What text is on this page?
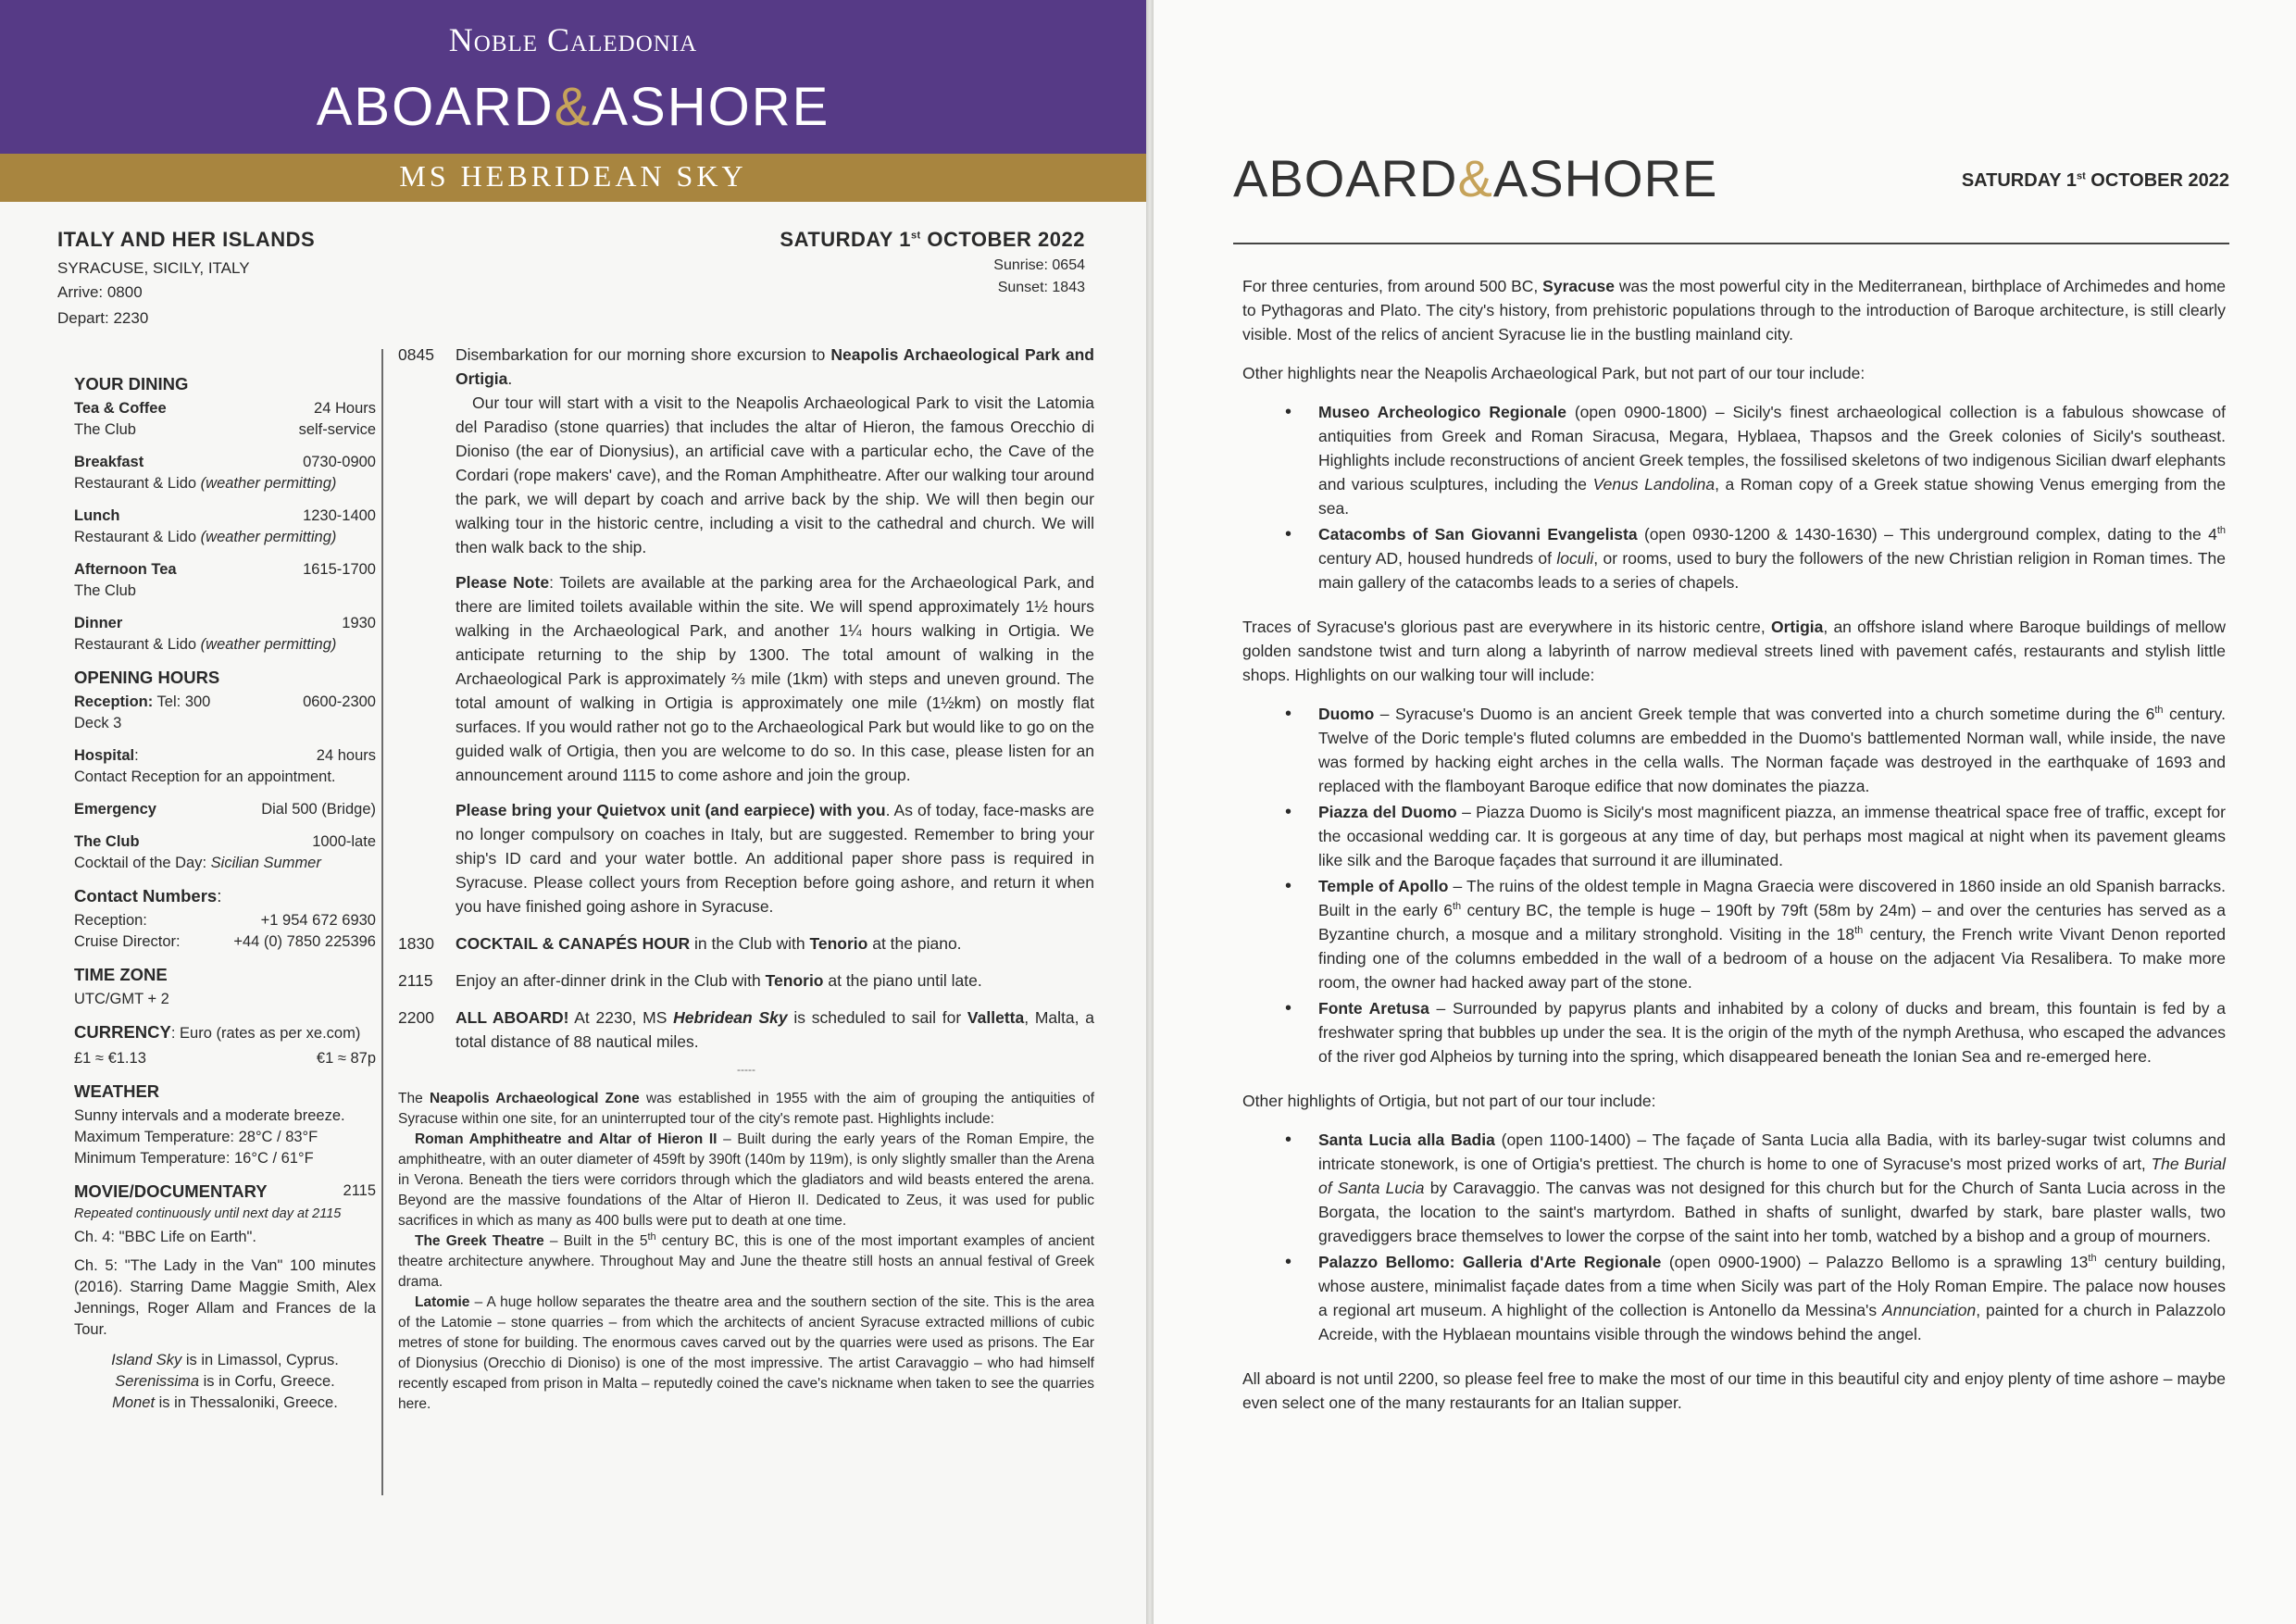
Noble Caledonia
ABOARD&ASHORE
MS HEBRIDEAN SKY
ITALY AND HER ISLANDS
SYRACUSE, SICILY, ITALY
Arrive: 0800
Depart: 2230
SATURDAY 1st OCTOBER 2022
Sunrise: 0654
Sunset: 1843
YOUR DINING
Tea & Coffee	24 Hours
The Club	self-service
Breakfast	0730-0900
Restaurant & Lido (weather permitting)
Lunch	1230-1400
Restaurant & Lido (weather permitting)
Afternoon Tea	1615-1700
The Club
Dinner	1930
Restaurant & Lido (weather permitting)
OPENING HOURS
Reception: Tel: 300	0600-2300
Deck 3
Hospital:	24 hours
Contact Reception for an appointment.
Emergency	Dial 500 (Bridge)
The Club	1000-late
Cocktail of the Day: Sicilian Summer
Contact Numbers:
Reception:	+1 954 672 6930
Cruise Director:	+44 (0) 7850 225396
TIME ZONE
UTC/GMT + 2
CURRENCY: Euro (rates as per xe.com)
£1 ≈ €1.13	€1 ≈ 87p
WEATHER
Sunny intervals and a moderate breeze.
Maximum Temperature: 28°C / 83°F
Minimum Temperature: 16°C / 61°F
MOVIE/DOCUMENTARY	2115
Repeated continuously until next day at 2115
Ch. 4: "BBC Life on Earth".
Ch. 5: "The Lady in the Van" 100 minutes (2016). Starring Dame Maggie Smith, Alex Jennings, Roger Allam and Frances de la Tour.
Island Sky is in Limassol, Cyprus.
Serenissima is in Corfu, Greece.
Monet is in Thessaloniki, Greece.
0845	Disembarkation for our morning shore excursion to Neapolis Archaeological Park and Ortigia.

Our tour will start with a visit to the Neapolis Archaeological Park to visit the Latomia del Paradiso (stone quarries) that includes the altar of Hieron, the famous Orecchio di Dioniso (the ear of Dionysius), an artificial cave with a particular echo, the Cave of the Cordari (rope makers' cave), and the Roman Amphitheatre. After our walking tour around the park, we will depart by coach and arrive back by the ship. We will then begin our walking tour in the historic centre, including a visit to the cathedral and church. We will then walk back to the ship.

Please Note: Toilets are available at the parking area for the Archaeological Park, and there are limited toilets available within the site. We will spend approximately 1½ hours walking in the Archaeological Park, and another 1¼ hours walking in Ortigia. We anticipate returning to the ship by 1300. The total amount of walking in the Archaeological Park is approximately ⅔ mile (1km) with steps and uneven ground. The total amount of walking in Ortigia is approximately one mile (1½km) on mostly flat surfaces. If you would rather not go to the Archaeological Park but would like to go on the guided walk of Ortigia, then you are welcome to do so. In this case, please listen for an announcement around 1115 to come ashore and join the group.

Please bring your Quietvox unit (and earpiece) with you. As of today, face-masks are no longer compulsory on coaches in Italy, but are suggested. Remember to bring your ship's ID card and your water bottle. An additional paper shore pass is required in Syracuse. Please collect yours from Reception before going ashore, and return it when you have finished going ashore in Syracuse.

1830	COCKTAIL & CANAPÉS HOUR in the Club with Tenorio at the piano.
2115	Enjoy an after-dinner drink in the Club with Tenorio at the piano until late.
2200	ALL ABOARD! At 2230, MS Hebridean Sky is scheduled to sail for Valletta, Malta, a total distance of 88 nautical miles.
-----

The Neapolis Archaeological Zone was established in 1955 with the aim of grouping the antiquities of Syracuse within one site, for an uninterrupted tour of the city's remote past. Highlights include:

Roman Amphitheatre and Altar of Hieron II – Built during the early years of the Roman Empire, the amphitheatre, with an outer diameter of 459ft by 390ft (140m by 119m), is only slightly smaller than the Arena in Verona. Beneath the tiers were corridors through which the gladiators and wild beasts entered the arena. Beyond are the massive foundations of the Altar of Hieron II. Dedicated to Zeus, it was used for public sacrifices in which as many as 400 bulls were put to death at one time.

The Greek Theatre – Built in the 5th century BC, this is one of the most important examples of ancient theatre architecture anywhere. Throughout May and June the theatre still hosts an annual festival of Greek drama.

Latomie – A huge hollow separates the theatre area and the southern section of the site. This is the area of the Latomie – stone quarries – from which the architects of ancient Syracuse extracted millions of cubic metres of stone for building. The enormous caves carved out by the quarries were used as prisons. The Ear of Dionysius (Orecchio di Dioniso) is one of the most impressive. The artist Caravaggio – who had himself recently escaped from prison in Malta – reputedly coined the cave's nickname when taken to see the quarries here.

ABOARD&ASHORE	SATURDAY 1st OCTOBER 2022

For three centuries, from around 500 BC, Syracuse was the most powerful city in the Mediterranean, birthplace of Archimedes and home to Pythagoras and Plato. The city's history, from prehistoric populations through to the introduction of Baroque architecture, is still clearly visible. Most of the relics of ancient Syracuse lie in the bustling mainland city.

Other highlights near the Neapolis Archaeological Park, but not part of our tour include:

• Museo Archeologico Regionale (open 0900-1800) – Sicily's finest archaeological collection is a fabulous showcase of antiquities from Greek and Roman Siracusa, Megara, Hyblaea, Thapsos and the Greek colonies of Sicily's southeast. Highlights include reconstructions of ancient Greek temples, the fossilised skeletons of two indigenous Sicilian dwarf elephants and various sculptures, including the Venus Landolina, a Roman copy of a Greek statue showing Venus emerging from the sea.
• Catacombs of San Giovanni Evangelista (open 0930-1200 & 1430-1630) – This underground complex, dating to the 4th century AD, housed hundreds of loculi, or rooms, used to bury the followers of the new Christian religion in Roman times. The main gallery of the catacombs leads to a series of chapels.

Traces of Syracuse's glorious past are everywhere in its historic centre, Ortigia, an offshore island where Baroque buildings of mellow golden sandstone twist and turn along a labyrinth of narrow medieval streets lined with pavement cafés, restaurants and stylish little shops. Highlights on our walking tour will include:

• Duomo – Syracuse's Duomo is an ancient Greek temple that was converted into a church sometime during the 6th century. Twelve of the Doric temple's fluted columns are embedded in the Duomo's battlemented Norman wall, while inside, the nave was formed by hacking eight arches in the cella walls. The Norman façade was destroyed in the earthquake of 1693 and replaced with the flamboyant Baroque edifice that now dominates the piazza.
• Piazza del Duomo – Piazza Duomo is Sicily's most magnificent piazza, an immense theatrical space free of traffic, except for the occasional wedding car. It is gorgeous at any time of day, but perhaps most magical at night when its pavement gleams like silk and the Baroque façades that surround it are illuminated.
• Temple of Apollo – The ruins of the oldest temple in Magna Graecia were discovered in 1860 inside an old Spanish barracks. Built in the early 6th century BC, the temple is huge – 190ft by 79ft (58m by 24m) – and over the centuries has served as a Byzantine church, a mosque and a military stronghold. Visiting in the 18th century, the French write Vivant Denon reported finding one of the columns embedded in the wall of a bedroom of a house on the adjacent Via Resalibera. To make more room, the owner had hacked away part of the stone.
• Fonte Aretusa – Surrounded by papyrus plants and inhabited by a colony of ducks and bream, this fountain is fed by a freshwater spring that bubbles up under the sea. It is the origin of the myth of the nymph Arethusa, who escaped the advances of the river god Alpheios by turning into the spring, which disappeared beneath the Ionian Sea and re-emerged here.

Other highlights of Ortigia, but not part of our tour include:

• Santa Lucia alla Badia (open 1100-1400) – The façade of Santa Lucia alla Badia, with its barley-sugar twist columns and intricate stonework, is one of Ortigia's prettiest. The church is home to one of Syracuse's most prized works of art, The Burial of Santa Lucia by Caravaggio. The canvas was not designed for this church but for the Church of Santa Lucia across in the Borgata, the location to the saint's martyrdom. Bathed in shafts of sunlight, dwarfed by stark, bare plaster walls, two gravediggers brace themselves to lower the corpse of the saint into her tomb, watched by a bishop and a group of mourners.
• Palazzo Bellomo: Galleria d'Arte Regionale (open 0900-1900) – Palazzo Bellomo is a sprawling 13th century building, whose austere, minimalist façade dates from a time when Sicily was part of the Holy Roman Empire. The palace now houses a regional art museum. A highlight of the collection is Antonello da Messina's Annunciation, painted for a church in Palazzolo Acreide, with the Hyblaean mountains visible through the windows behind the angel.

All aboard is not until 2200, so please feel free to make the most of our time in this beautiful city and enjoy plenty of time ashore – maybe even select one of the many restaurants for an Italian supper.
